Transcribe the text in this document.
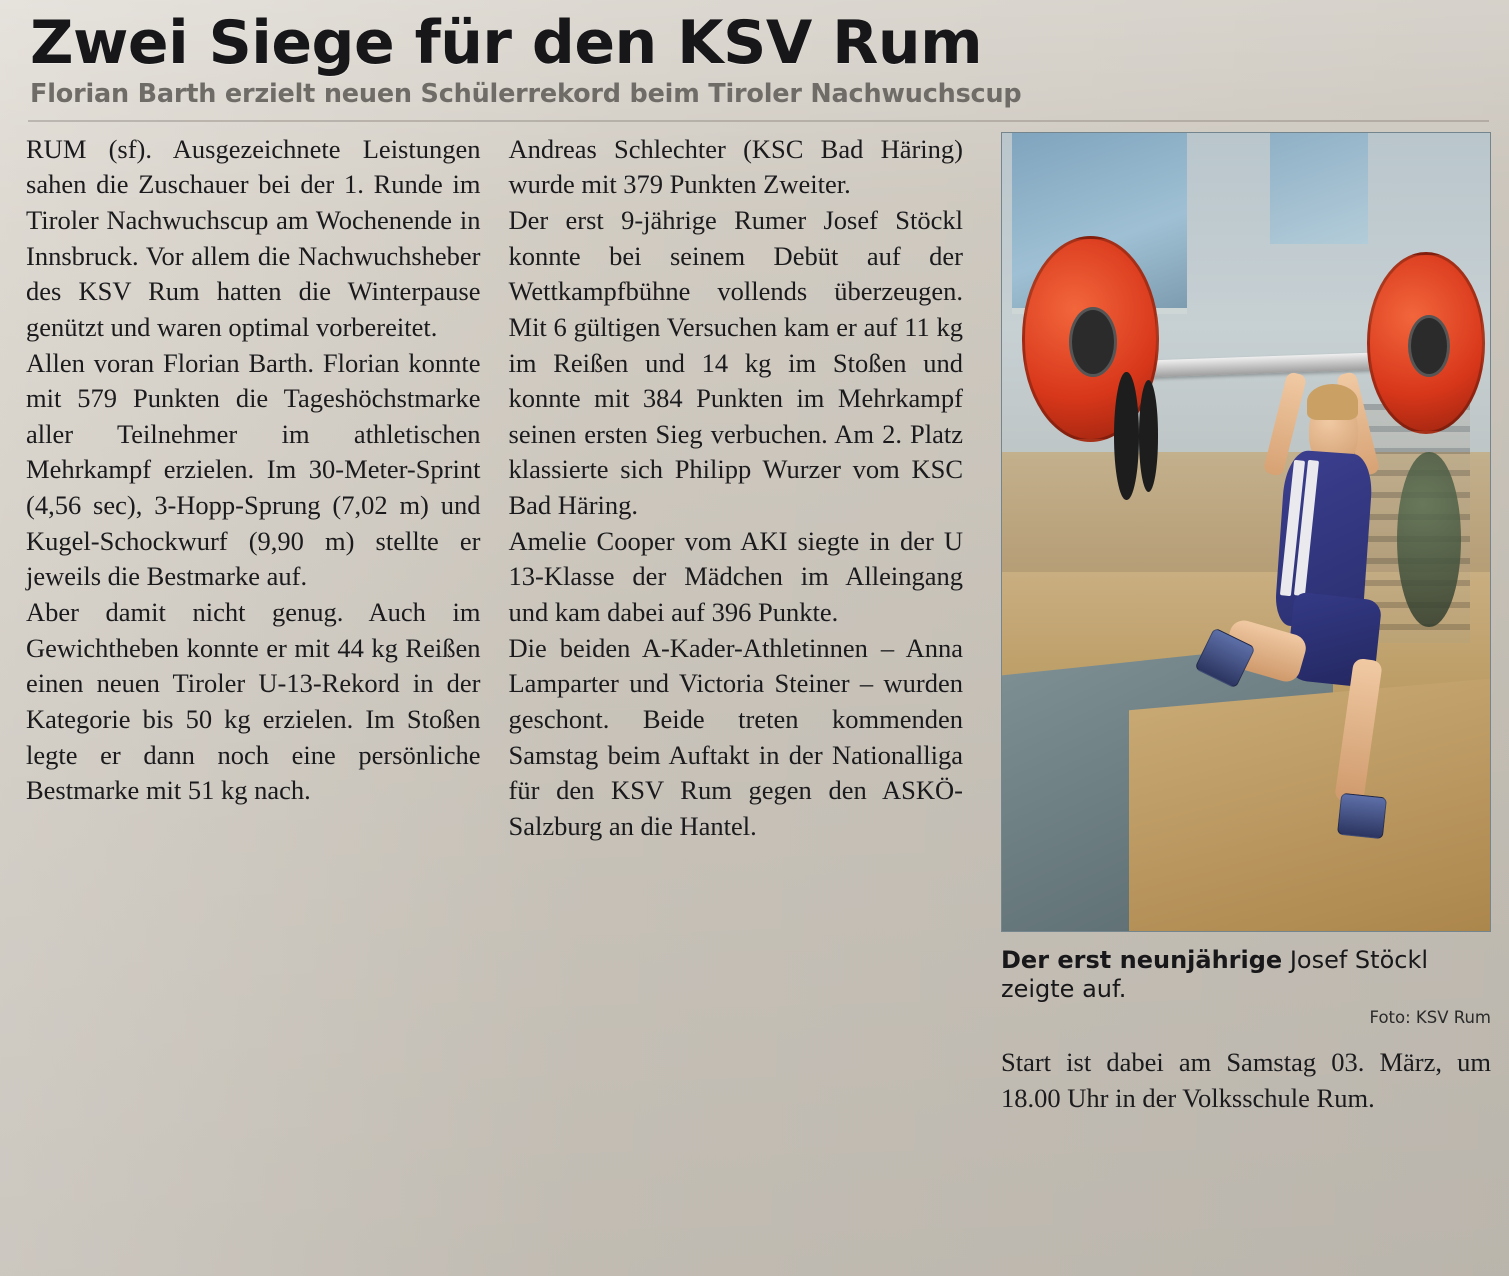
Zwei Siege für den KSV Rum
Florian Barth erzielt neuen Schülerrekord beim Tiroler Nachwuchscup

RUM (sf). Ausgezeichnete Leistungen sahen die Zuschauer bei der 1. Runde im Tiroler Nachwuchscup am Wochenende in Innsbruck. Vor allem die Nachwuchsheber des KSV Rum hatten die Winterpause genützt und waren optimal vorbereitet.

Allen voran Florian Barth. Florian konnte mit 579 Punkten die Tageshöchstmarke aller Teilnehmer im athletischen Mehrkampf erzielen. Im 30-Meter-Sprint (4,56 sec), 3-Hopp-Sprung (7,02 m) und Kugel-Schockwurf (9,90 m) stellte er jeweils die Bestmarke auf.

Aber damit nicht genug. Auch im Gewichtheben konnte er mit 44 kg Reißen einen neuen Tiroler U-13-Rekord in der Kategorie bis 50 kg erzielen. Im Stoßen legte er dann noch eine persönliche Bestmarke mit 51 kg nach.

Andreas Schlechter (KSC Bad Häring) wurde mit 379 Punkten Zweiter.

Der erst 9-jährige Rumer Josef Stöckl konnte bei seinem Debüt auf der Wettkampfbühne vollends überzeugen. Mit 6 gültigen Versuchen kam er auf 11 kg im Reißen und 14 kg im Stoßen und konnte mit 384 Punkten im Mehrkampf seinen ersten Sieg verbuchen. Am 2. Platz klassierte sich Philipp Wurzer vom KSC Bad Häring.

Amelie Cooper vom AKI siegte in der U 13-Klasse der Mädchen im Alleingang und kam dabei auf 396 Punkte.

Die beiden A-Kader-Athletinnen – Anna Lamparter und Victoria Steiner – wurden geschont. Beide treten kommenden Samstag beim Auftakt in der Nationalliga für den KSV Rum gegen den ASKÖ-Salzburg an die Hantel.

Der erst neunjährige Josef Stöckl zeigte auf.
Foto: KSV Rum

Start ist dabei am Samstag 03. März, um 18.00 Uhr in der Volksschule Rum.
